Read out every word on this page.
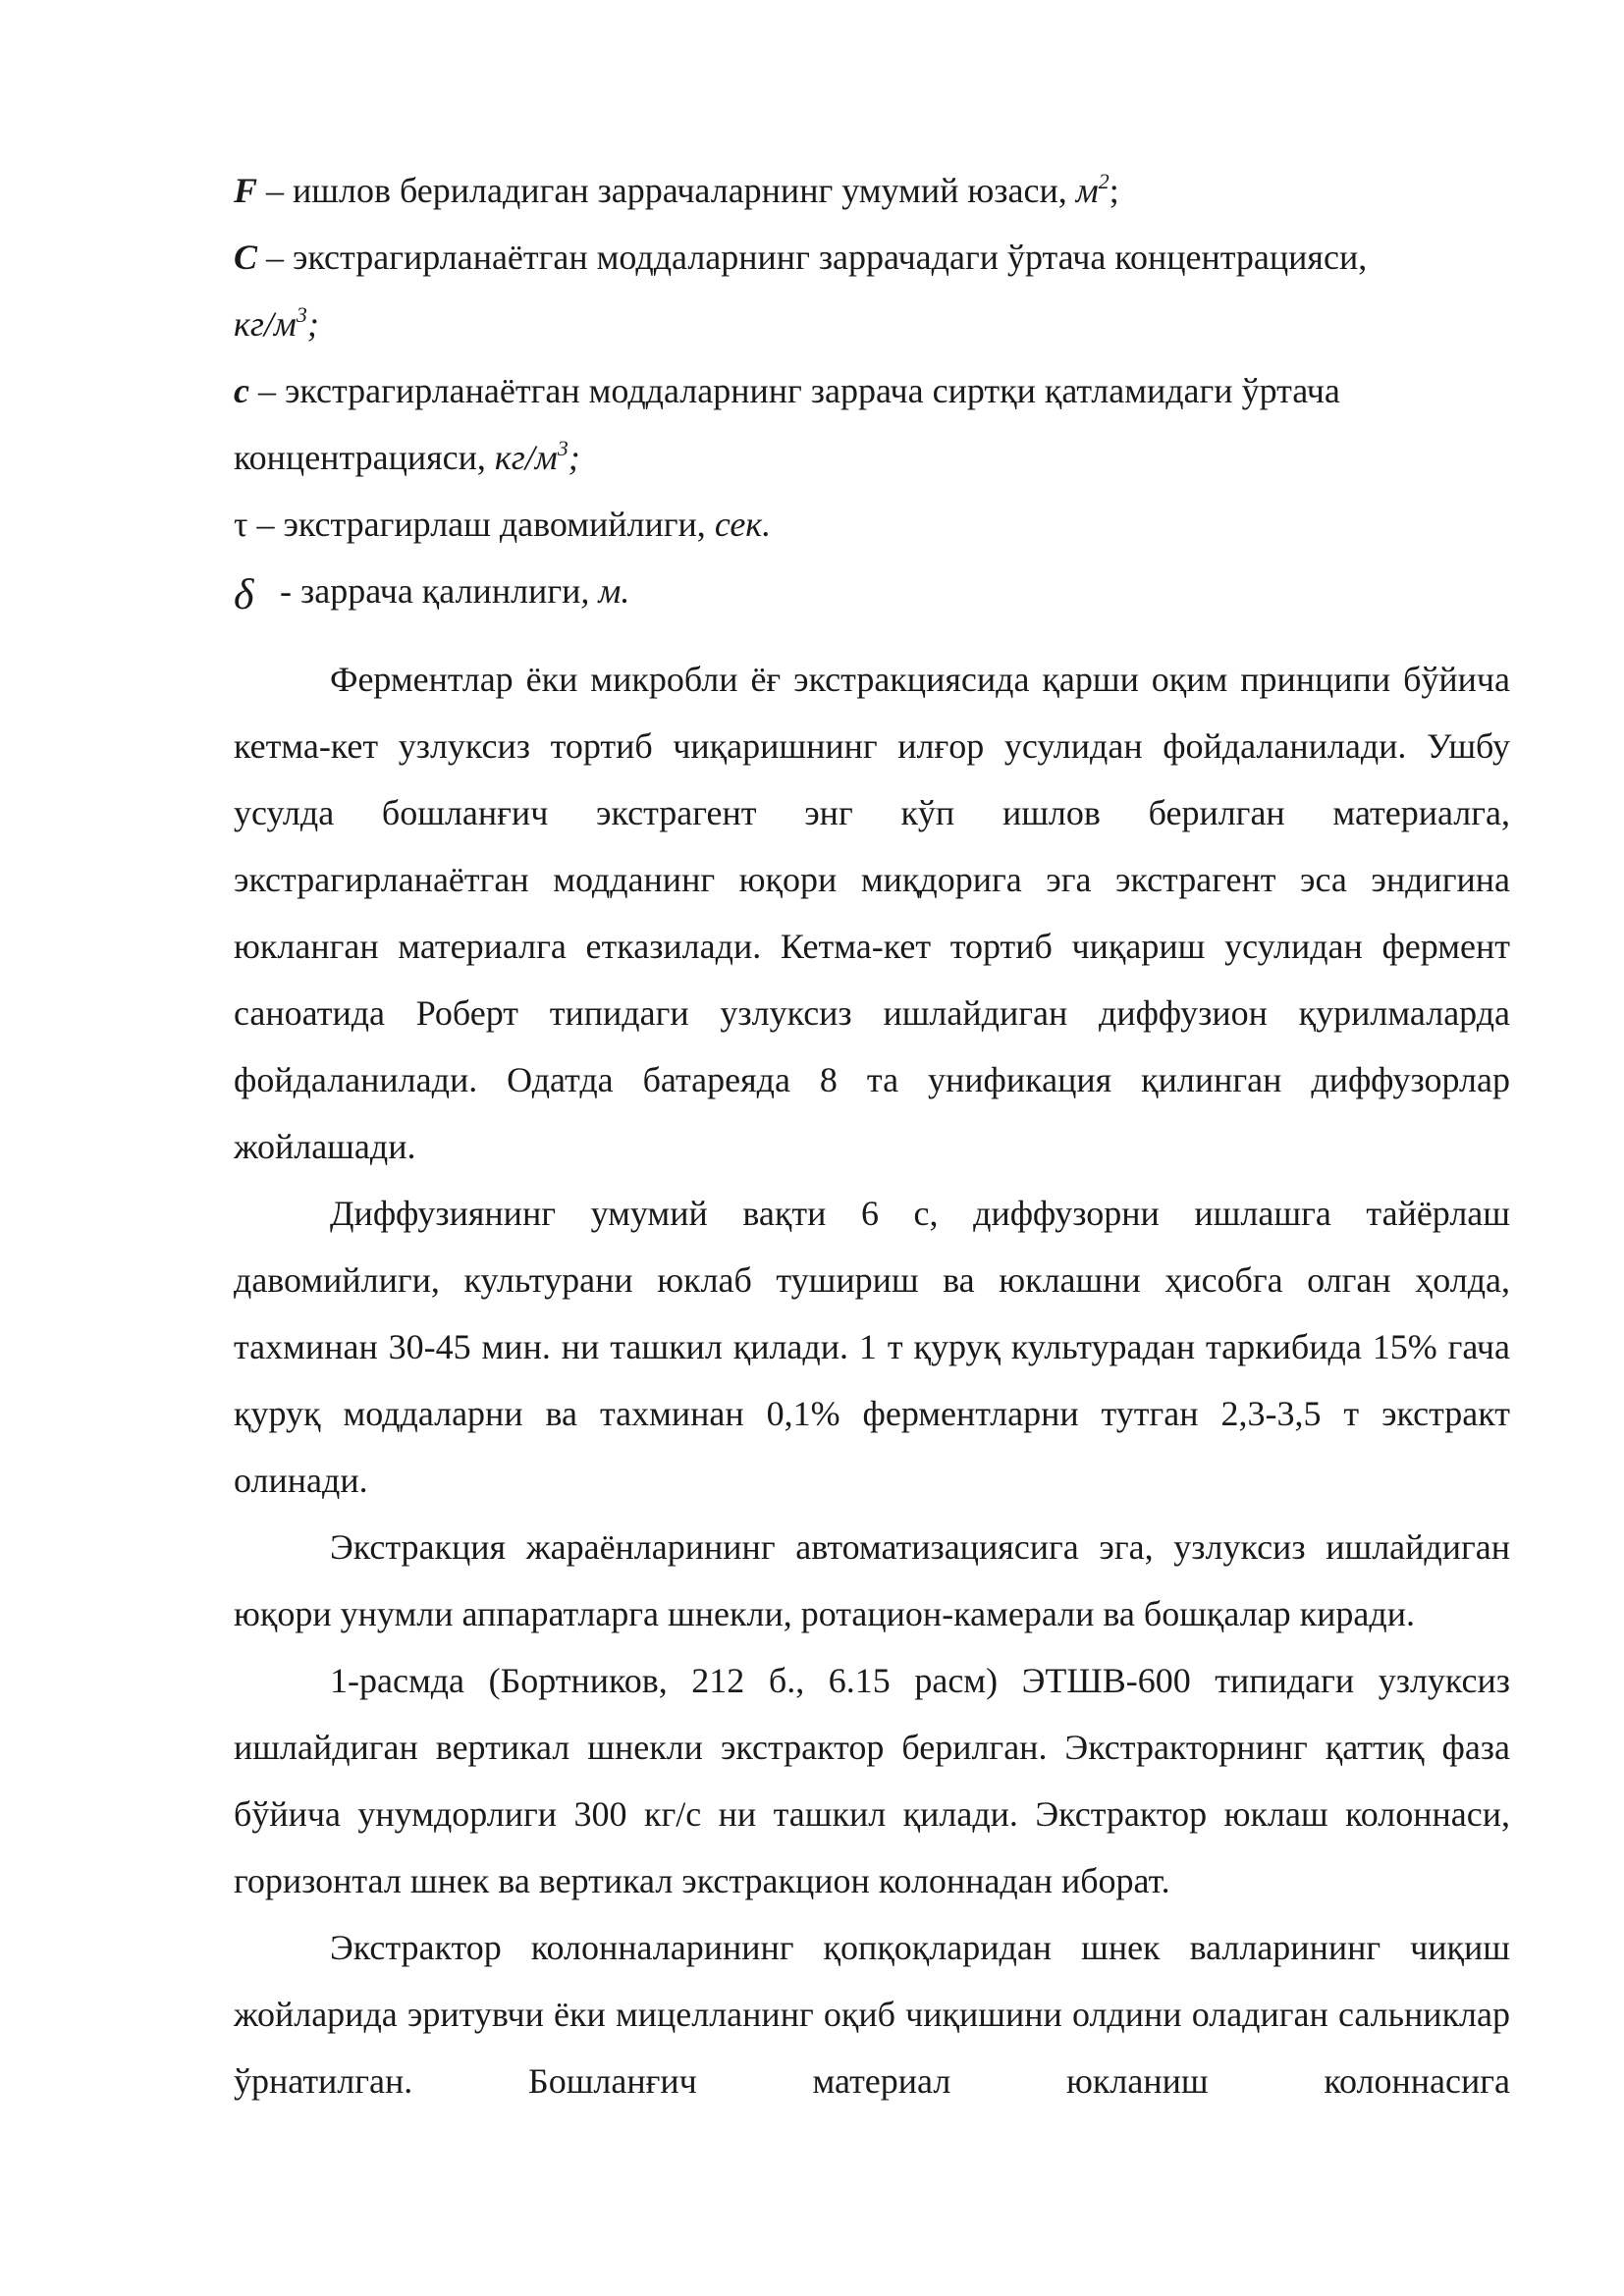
F – ишлов бериладиган заррачаларнинг умумий юзаси, $м^2$;
C – экстрагирланаётган моддаларнинг заррачадаги ўртача концентрацияси,
$кг/м^3$;
с – экстрагирланаётган моддаларнинг заррача сиртқи қатламидаги ўртача
концентрацияси, $кг/м^3$;
τ – экстрагирлаш давомийлиги, сек.
δ - заррача қалинлиги, м.

Ферментлар ёки микробли ёғ экстракциясида қарши оқим принципи бўйича кетма-кет узлуксиз тортиб чиқаришнинг илғор усулидан фойдаланилади. Ушбу усулда бошланғич экстрагент энг кўп ишлов берилган материалга, экстрагирланаётган модданинг юқори миқдорига эга экстрагент эса эндигина юкланган материалга етказилади. Кетма-кет тортиб чиқариш усулидан фермент саноатида Роберт типидаги узлуксиз ишлайдиган диффузион қурилмаларда фойдаланилади. Одатда батареяда 8 та унификация қилинган диффузорлар жойлашади.

Диффузиянинг умумий вақти 6 с, диффузорни ишлашга тайёрлаш давомийлиги, культурани юклаб тушириш ва юклашни ҳисобга олган ҳолда, тахминан 30-45 мин. ни ташкил қилади. 1 т қуруқ культурадан таркибида 15% гача қуруқ моддаларни ва тахминан 0,1% ферментларни тутган 2,3-3,5 т экстракт олинади.

Экстракция жараёнларининг автоматизациясига эга, узлуксиз ишлайдиган юқори унумли аппаратларга шнекли, ротацион-камерали ва бошқалар киради.

1-расмда (Бортников, 212 б., 6.15 расм) ЭТШВ-600 типидаги узлуксиз ишлайдиган вертикал шнекли экстрактор берилган. Экстракторнинг қаттиқ фаза бўйича унумдорлиги 300 кг/с ни ташкил қилади. Экстрактор юклаш колоннаси, горизонтал шнек ва вертикал экстракцион колоннадан иборат.

Экстрактор колонналарининг қопқоқларидан шнек валларининг чиқиш жойларида эритувчи ёки мицелланинг оқиб чиқишини олдини оладиган сальниклар ўрнатилган. Бошланғич материал юкланиш колоннасига
